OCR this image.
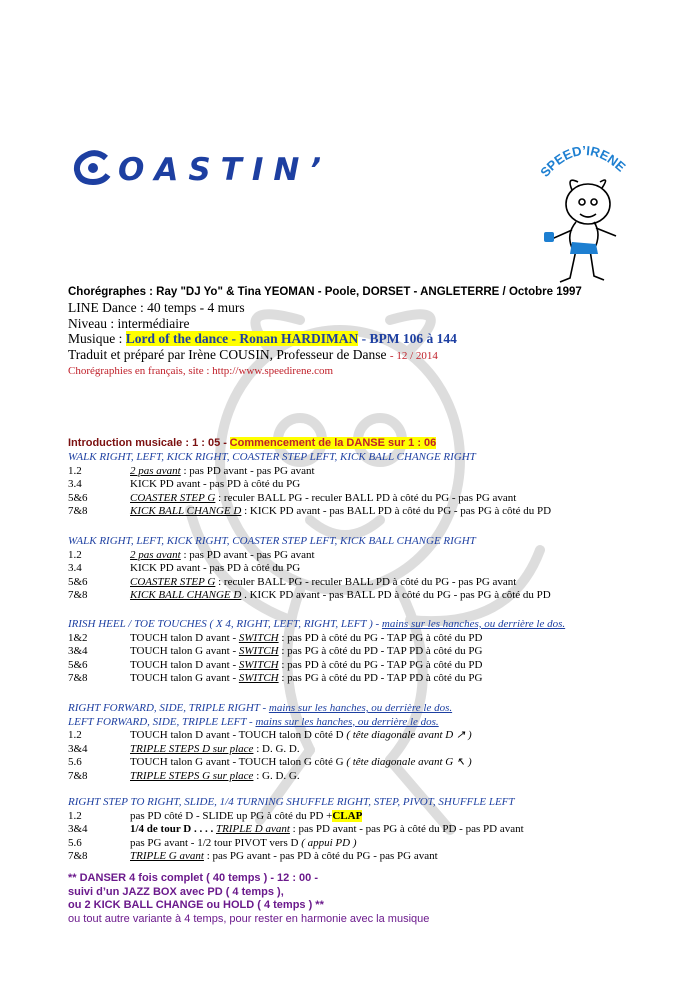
OASTIN’	SPEED’IRENE
Chorégraphes : Ray "DJ Yo" & Tina YEOMAN - Poole, DORSET - ANGLETERRE / Octobre 1997
LINE Dance : 40 temps - 4 murs
Niveau : intermédiaire
Musique : Lord of the dance - Ronan HARDIMAN - BPM 106 à 144
Traduit et préparé par Irène COUSIN, Professeur de Danse - 12 / 2014
Chorégraphies en français, site : http://www.speedirene.com
Introduction musicale : 1 : 05 - Commencement de la DANSE sur 1 : 06
WALK RIGHT, LEFT, KICK RIGHT, COASTER STEP LEFT, KICK BALL CHANGE RIGHT
1.2	2 pas avant : pas PD avant - pas PG avant
3.4	KICK PD avant - pas PD à côté du PG
5&6	COASTER STEP G : reculer BALL PG - reculer BALL PD à côté du PG - pas PG avant
7&8	KICK BALL CHANGE D : KICK PD avant - pas BALL PD à côté du PG - pas PG à côté du PD
WALK RIGHT, LEFT, KICK RIGHT, COASTER STEP LEFT, KICK BALL CHANGE RIGHT
1.2	2 pas avant : pas PD avant - pas PG avant
3.4	KICK PD avant - pas PD à côté du PG
5&6	COASTER STEP G : reculer BALL PG - reculer BALL PD à côté du PG - pas PG avant
7&8	KICK BALL CHANGE D . KICK PD avant - pas BALL PD à côté du PG - pas PG à côté du PD
IRISH HEEL / TOE TOUCHES ( X 4, RIGHT, LEFT, RIGHT, LEFT ) - mains sur les hanches, ou derrière le dos.
1&2	TOUCH talon D avant - SWITCH : pas PD à côté du PG - TAP PG à côté du PD
3&4	TOUCH talon G avant - SWITCH : pas PG à côté du PD - TAP PD à côté du PG
5&6	TOUCH talon D avant - SWITCH : pas PD à côté du PG - TAP PG à côté du PD
7&8	TOUCH talon G avant - SWITCH : pas PG à côté du PD - TAP PD à côté du PG
RIGHT FORWARD, SIDE, TRIPLE RIGHT - mains sur les hanches, ou derrière le dos.
LEFT FORWARD, SIDE, TRIPLE LEFT - mains sur les hanches, ou derrière le dos.
1.2	TOUCH talon D avant - TOUCH talon D côté D ( tête diagonale avant D ↗ )
3&4	TRIPLE STEPS D sur place : D. G. D.
5.6	TOUCH talon G avant - TOUCH talon G côté G ( tête diagonale avant G ↖ )
7&8	TRIPLE STEPS G sur place : G. D. G.
RIGHT STEP TO RIGHT, SLIDE, 1/4 TURNING SHUFFLE RIGHT, STEP, PIVOT, SHUFFLE LEFT
1.2	pas PD côté D - SLIDE up PG à côté du PD +CLAP
3&4	1/4 de tour D . . . . TRIPLE D avant : pas PD avant - pas PG à côté du PD - pas PD avant
5.6	pas PG avant - 1/2 tour PIVOT vers D ( appui PD )
7&8	TRIPLE G avant : pas PG avant - pas PD à côté du PG - pas PG avant
** DANSER 4 fois complet ( 40 temps ) - 12 : 00 -
suivi d’un JAZZ BOX avec PD ( 4 temps ),
ou 2 KICK BALL CHANGE ou HOLD ( 4 temps ) **
ou tout autre variante à 4 temps, pour rester en harmonie avec la musique
